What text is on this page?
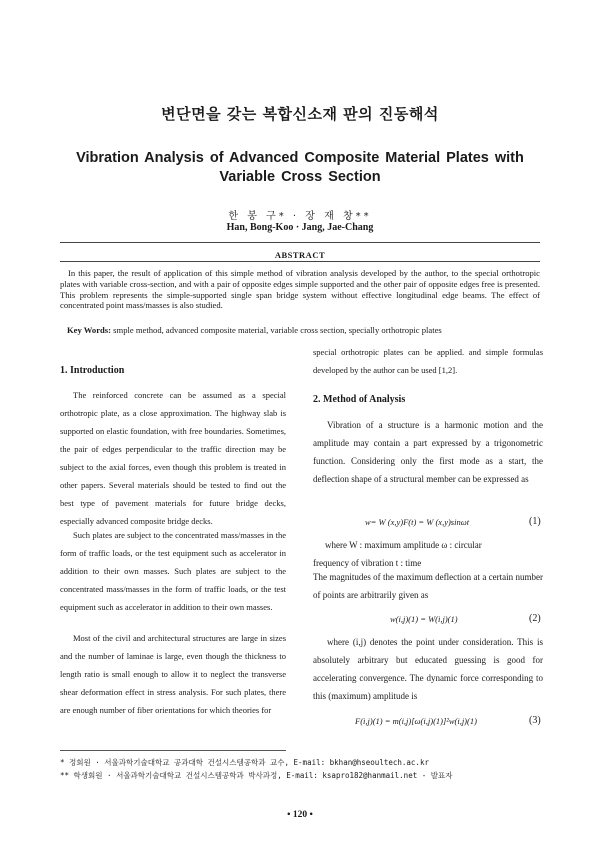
변단면을 갖는 복합신소재 판의 진동해석
Vibration Analysis of Advanced Composite Material Plates with Variable Cross Section
한 봉 구* · 장 재 창**
Han, Bong-Koo · Jang, Jae-Chang
ABSTRACT
In this paper, the result of application of this simple method of vibration analysis developed by the author, to the special orthotropic plates with variable cross-section, and with a pair of opposite edges simple supported and the other pair of opposite edges free is presented. This problem represents the simple-supported single span bridge system without effective longitudinal edge beams. The effect of concentrated point mass/masses is also studied.
Key Words: smple method, advanced composite material, variable cross section, specially orthotropic plates
1. Introduction
The reinforced concrete can be assumed as a special orthotropic plate, as a close approximation. The highway slab is supported on elastic foundation, with free boundaries. Sometimes, the pair of edges perpendicular to the traffic direction may be subject to the axial forces, even though this problem is treated in other papers. Several materials should be tested to find out the best type of pavement materials for future bridge decks, especially advanced composite bridge decks.
Such plates are subject to the concentrated mass/masses in the form of traffic loads, or the test equipment such as accelerator in addition to their own masses. Such plates are subject to the concentrated mass/masses in the form of traffic loads, or the test equipment such as accelerator in addition to their own masses.
Most of the civil and architectural structures are large in sizes and the number of laminae is large, even though the thickness to length ratio is small enough to allow it to neglect the transverse shear deformation effect in stress analysis. For such plates, there are enough number of fiber orientations for which theories for
special orthotropic plates can be applied. and simple formulas developed by the author can be used [1,2].
2. Method of Analysis
Vibration of a structure is a harmonic motion and the amplitude may contain a part expressed by a trigonometric function. Considering only the first mode as a start, the deflection shape of a structural member can be expressed as
w= W (x,y)F(t) = W (x,y)sinωt	(1)
where W : maximum amplitude ω : circular
frequency of vibration t : time
The magnitudes of the maximum deflection at a certain number of points are arbitrarily given as
w(i,j)(1) = W(i,j)(1)	(2)
where (i,j) denotes the point under consideration. This is absolutely arbitrary but educated guessing is good for accelerating convergence. The dynamic force corresponding to this (maximum) amplitude is
F(i,j)(1) = m(i,j)[ω(i,j)(1)]²w(i,j)(1)	(3)
* 정회원 · 서울과학기술대학교 공과대학 건설시스템공학과 교수, E-mail: bkhan@hseoultech.ac.kr
** 학생회원 · 서울과학기술대학교 건설시스템공학과 박사과정, E-mail: ksapro182@hanmail.net - 발표자
• 120 •
